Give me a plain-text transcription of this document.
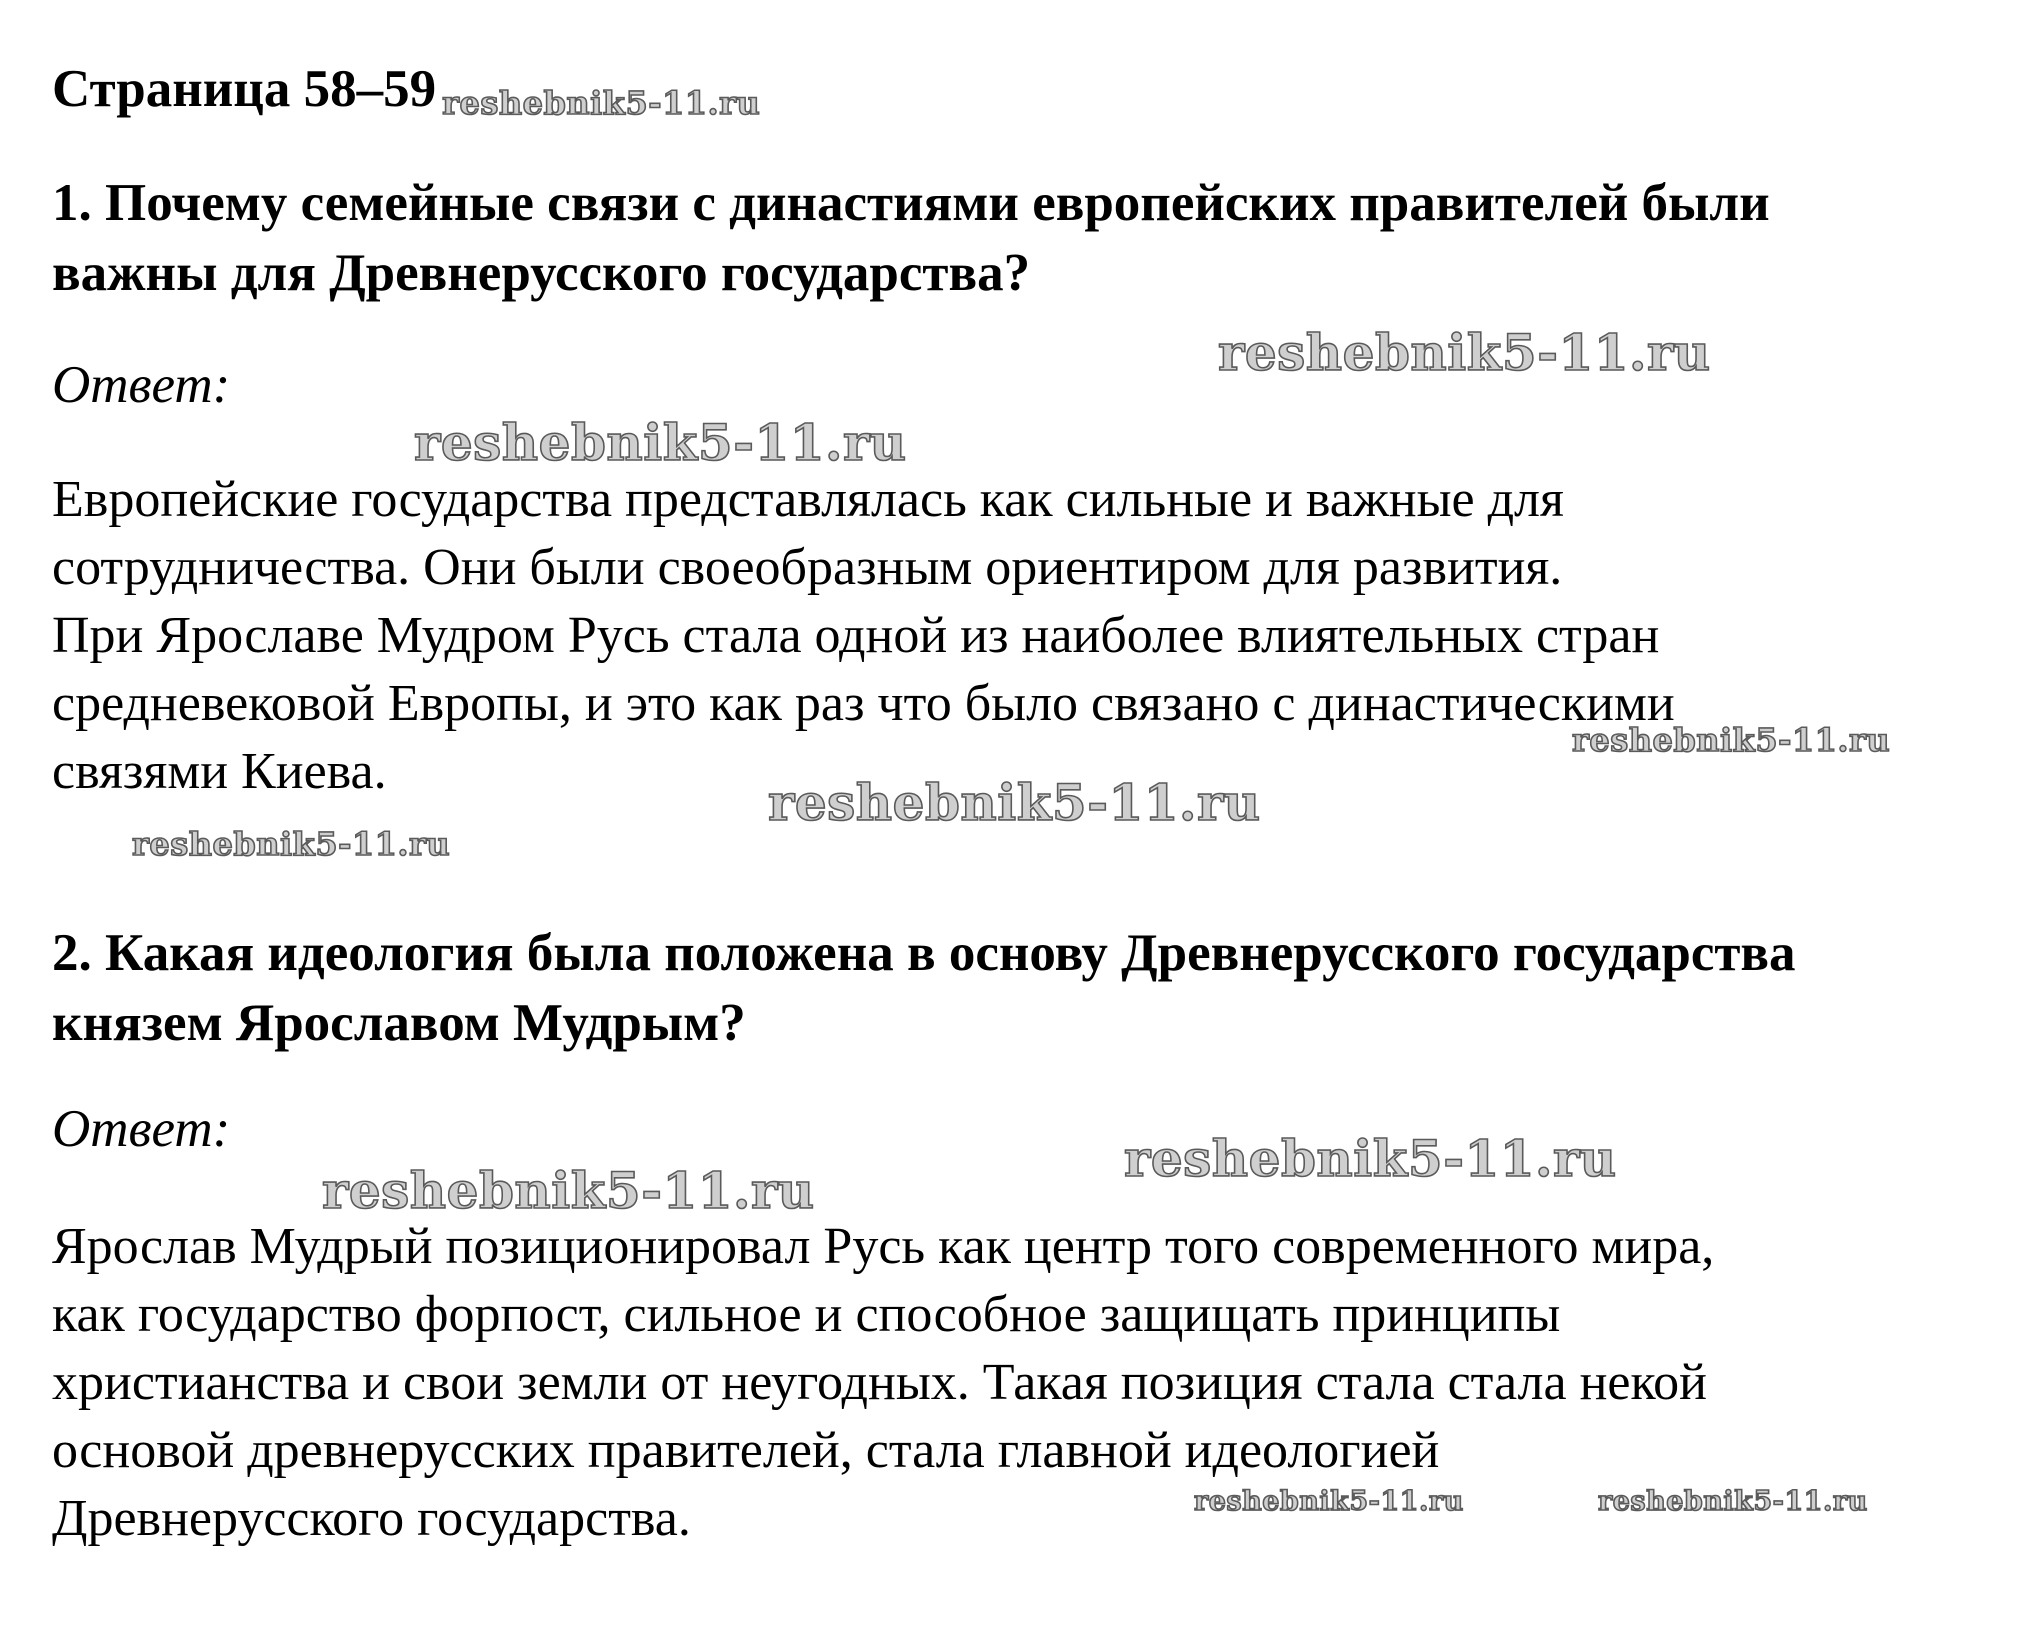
Страница 58–59 reshebnik5-11.ru
1. Почему семейные связи с династиями европейских правителей были
важны для Древнерусского государства?
Ответ:
Европейские государства представлялась как сильные и важные для
сотрудничества. Они были своеобразным ориентиром для развития.
При Ярославе Мудром Русь стала одной из наиболее влиятельных стран
средневековой Европы, и это как раз что было связано с династическими
связями Киева.
2. Какая идеология была положена в основу Древнерусского государства
князем Ярославом Мудрым?
Ответ:
Ярослав Мудрый позиционировал Русь как центр того современного мира,
как государство форпост, сильное и способное защищать принципы
христианства и свои земли от неугодных. Такая позиция стала стала некой
основой древнерусских правителей, стала главной идеологией
Древнерусского государства.
reshebnik5-11.ru
reshebnik5-11.ru
reshebnik5-11.ru
reshebnik5-11.ru
reshebnik5-11.ru
reshebnik5-11.ru
reshebnik5-11.ru
reshebnik5-11.ru	reshebnik5-11.ru
